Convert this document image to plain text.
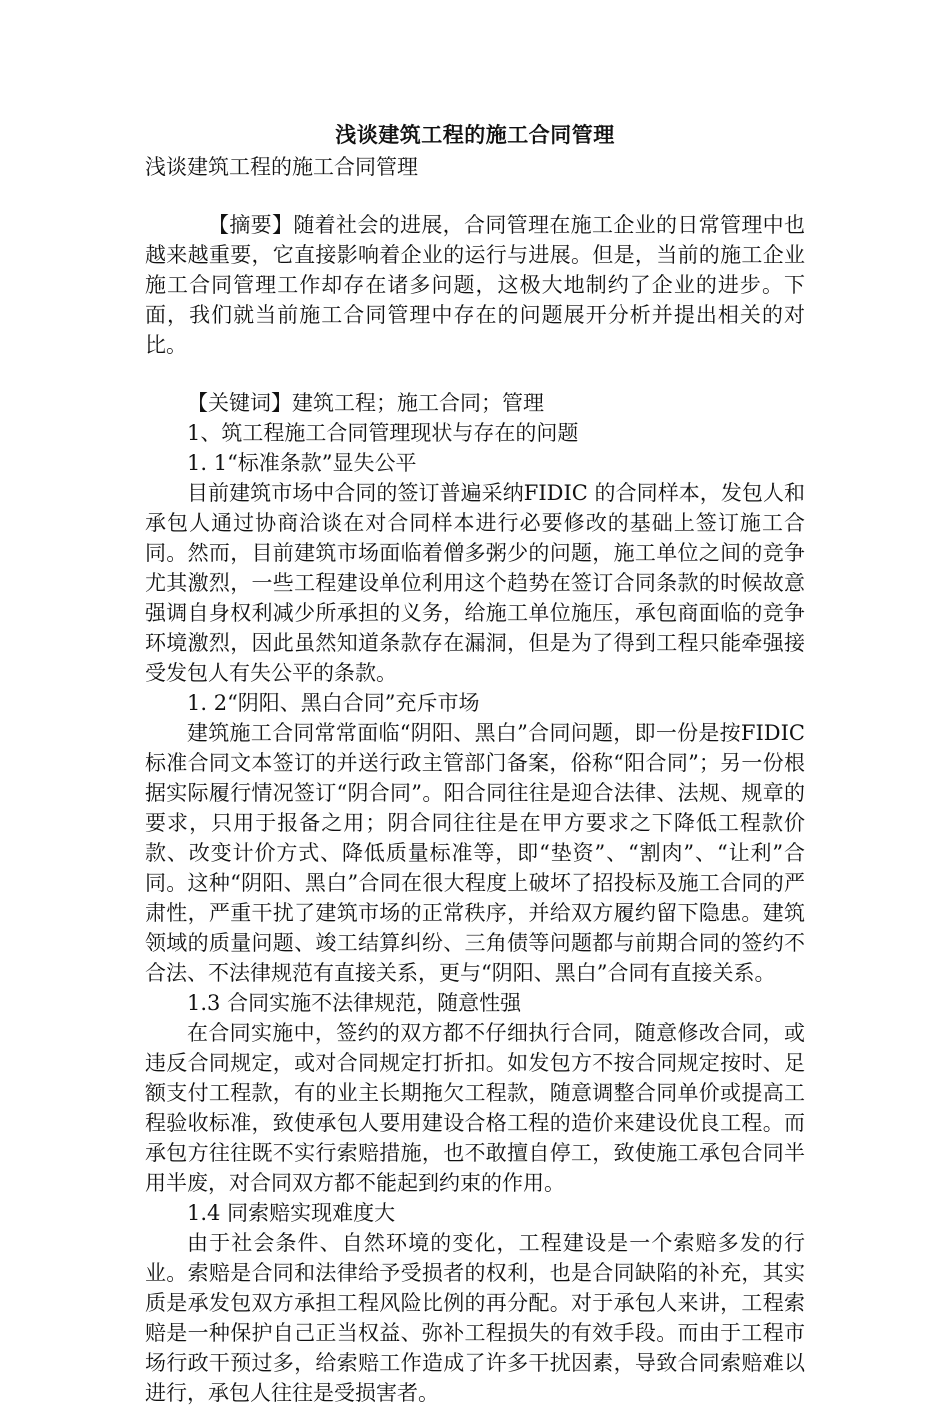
浅谈建筑工程的施工合同管理
浅谈建筑工程的施工合同管理

【摘要】随着社会的进展，合同管理在施工企业的日常管理中也越来越重要，它直接影响着企业的运行与进展。但是，当前的施工企业施工合同管理工作却存在诸多问题，这极大地制约了企业的进步。下面，我们就当前施工合同管理中存在的问题展开分析并提出相关的对比。

【关键词】建筑工程；施工合同；管理

1、筑工程施工合同管理现状与存在的问题

1. 1“标准条款”显失公平

目前建筑市场中合同的签订普遍采纳FIDIC 的合同样本，发包人和承包人通过协商洽谈在对合同样本进行必要修改的基础上签订施工合同。然而，目前建筑市场面临着僧多粥少的问题，施工单位之间的竞争尤其激烈，一些工程建设单位利用这个趋势在签订合同条款的时候故意强调自身权利减少所承担的义务，给施工单位施压，承包商面临的竞争环境激烈，因此虽然知道条款存在漏洞，但是为了得到工程只能牵强接受发包人有失公平的条款。

1. 2“阴阳、黑白合同”充斥市场

建筑施工合同常常面临“阴阳、黑白”合同问题，即一份是按FIDIC 标准合同文本签订的并送行政主管部门备案，俗称“阳合同”；另一份根据实际履行情况签订“阴合同”。阳合同往往是迎合法律、法规、规章的要求，只用于报备之用；阴合同往往是在甲方要求之下降低工程款价款、改变计价方式、降低质量标准等，即“垫资”、“割肉”、“让利”合同。这种“阴阳、黑白”合同在很大程度上破坏了招投标及施工合同的严肃性，严重干扰了建筑市场的正常秩序，并给双方履约留下隐患。建筑领域的质量问题、竣工结算纠纷、三角债等问题都与前期合同的签约不合法、不法律规范有直接关系，更与“阴阳、黑白”合同有直接关系。

1.3 合同实施不法律规范，随意性强

在合同实施中，签约的双方都不仔细执行合同，随意修改合同，或违反合同规定，或对合同规定打折扣。如发包方不按合同规定按时、足额支付工程款，有的业主长期拖欠工程款，随意调整合同单价或提高工程验收标准，致使承包人要用建设合格工程的造价来建设优良工程。而承包方往往既不实行索赔措施，也不敢擅自停工，致使施工承包合同半用半废，对合同双方都不能起到约束的作用。

1.4 同索赔实现难度大

由于社会条件、自然环境的变化，工程建设是一个索赔多发的行业。索赔是合同和法律给予受损者的权利，也是合同缺陷的补充，其实质是承发包双方承担工程风险比例的再分配。对于承包人来讲，工程索赔是一种保护自己正当权益、弥补工程损失的有效手段。而由于工程市场行政干预过多，给索赔工作造成了许多干扰因素，导致合同索赔难以进行，承包人往往是受损害者。
